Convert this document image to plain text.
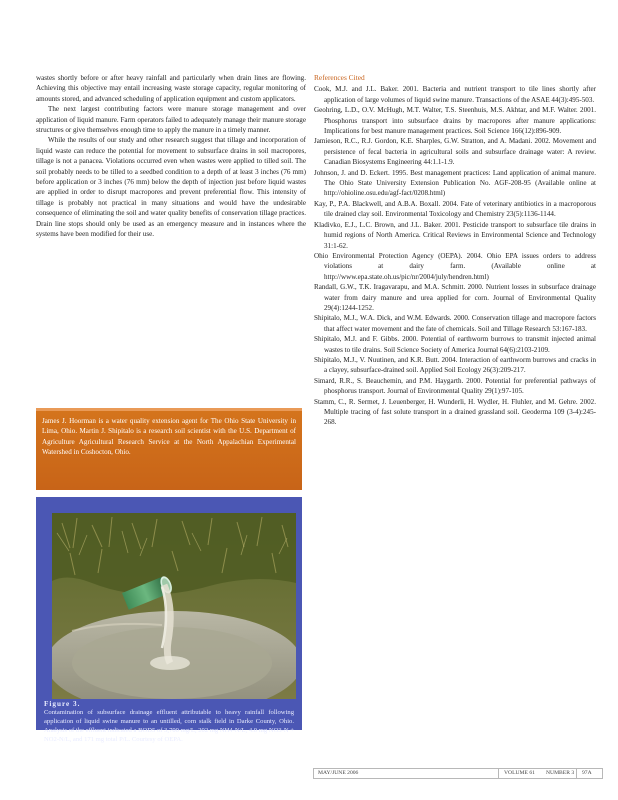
wastes shortly before or after heavy rainfall and particularly when drain lines are flowing. Achieving this objective may entail increasing waste storage capacity, regular monitoring of amounts stored, and advanced scheduling of application equipment and custom applicators.

The next largest contributing factors were manure storage management and over application of liquid manure. Farm operators failed to adequately manage their manure storage structures or give themselves enough time to apply the manure in a timely manner.

While the results of our study and other research suggest that tillage and incorporation of liquid waste can reduce the potential for movement to subsurface drains in soil macropores, tillage is not a panacea. Violations occurred even when wastes were applied to tilled soil. The soil probably needs to be tilled to a seedbed condition to a depth of at least 3 inches (76 mm) before application or 3 inches (76 mm) below the depth of injection just before liquid wastes are applied in order to disrupt macropores and prevent preferential flow. This intensity of tillage is probably not practical in many situations and would have the undesirable consequence of eliminating the soil and water quality benefits of conservation tillage practices. Drain line stops should only be used as an emergency measure and in instances where the systems have been modified for their use.

James J. Hoorman is a water quality extension agent for The Ohio State University in Lima, Ohio. Martin J. Shipitalo is a research soil scientist with the U.S. Department of Agriculture Agricultural Research Service at the North Appalachian Experimental Watershed in Coshocton, Ohio.

Figure 3.
Contamination of subsurface drainage effluent attributable to heavy rainfall following application of liquid swine manure to an untilled, corn stalk field in Darke County, Ohio. Analysis of the effluent indicated a BOD5 of 3,700 mg/L, 202 mg NH4-N/L, 4.0 mg NO3-N + NO2-N/L, and 171 mg total P/L. Courtesy of OEPA.
References Cited

Cook, M.J. and J.L. Baker. 2001. Bacteria and nutrient transport to tile lines shortly after application of large volumes of liquid swine manure. Transactions of the ASAE 44(3):495-503.

Geohring, L.D., O.V. McHugh, M.T. Walter, T.S. Steenhuis, M.S. Akhtar, and M.F. Walter. 2001. Phosphorus transport into subsurface drains by macropores after manure applications: Implications for best manure management practices. Soil Science 166(12):896-909.

Jamieson, R.C., R.J. Gordon, K.E. Sharples, G.W. Stratton, and A. Madani. 2002. Movement and persistence of fecal bacteria in agricultural soils and subsurface drainage water: A review. Canadian Biosystems Engineering 44:1.1-1.9.

Johnson, J. and D. Eckert. 1995. Best management practices: Land application of animal manure. The Ohio State University Extension Publication No. AGF-208-95 (Available online at http://ohioline.osu.edu/agf-fact/0208.html)

Kay, P., P.A. Blackwell, and A.B.A. Boxall. 2004. Fate of veterinary antibiotics in a macroporous tile drained clay soil. Environmental Toxicology and Chemistry 23(5):1136-1144.

Kladivko, E.J., L.C. Brown, and J.L. Baker. 2001. Pesticide transport to subsurface tile drains in humid regions of North America. Critical Reviews in Environmental Science and Technology 31:1-62.

Ohio Environmental Protection Agency (OEPA). 2004. Ohio EPA issues orders to address violations at dairy farm. (Available online at http://www.epa.state.oh.us/pic/nr/2004/july/hendren.html)

Randall, G.W., T.K. Iragavarapu, and M.A. Schmitt. 2000. Nutrient losses in subsurface drainage water from dairy manure and urea applied for corn. Journal of Environmental Quality 29(4):1244-1252.

Shipitalo, M.J., W.A. Dick, and W.M. Edwards. 2000. Conservation tillage and macropore factors that affect water movement and the fate of chemicals. Soil and Tillage Research 53:167-183.

Shipitalo, M.J. and F. Gibbs. 2000. Potential of earthworm burrows to transmit injected animal wastes to tile drains. Soil Science Society of America Journal 64(6):2103-2109.

Shipitalo, M.J., V. Nuutinen, and K.R. Butt. 2004. Interaction of earthworm burrows and cracks in a clayey, subsurface-drained soil. Applied Soil Ecology 26(3):209-217.

Simard, R.R., S. Beauchemin, and P.M. Haygarth. 2000. Potential for preferential pathways of phosphorus transport. Journal of Environmental Quality 29(1):97-105.

Stamm, C., R. Sermet, J. Leuenberger, H. Wunderli, H. Wydler, H. Fluhler, and M. Gehre. 2002. Multiple tracing of fast solute transport in a drained grassland soil. Geoderma 109 (3-4):245-268.

MAY/JUNE 2006	VOLUME 61 NUMBER 3 97A
